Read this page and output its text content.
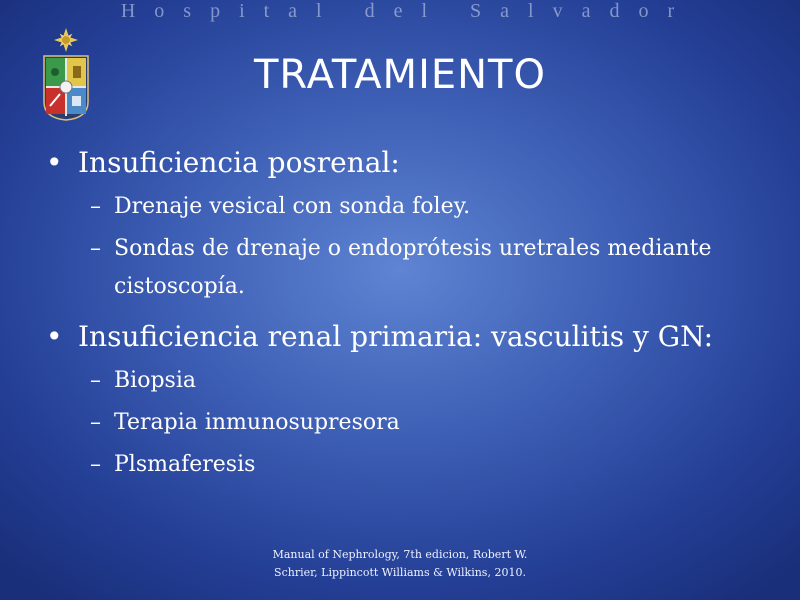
Hospital del Salvador
TRATAMIENTO
• Insuficiencia posrenal:
– Drenaje vesical con sonda foley.
– Sondas de drenaje o endoprótesis uretrales mediante cistoscopía.
• Insuficiencia renal primaria: vasculitis y GN:
– Biopsia
– Terapia inmunosupresora
– Plsmaferesis
Manual of Nephrology, 7th edicion, Robert W.
Schrier, Lippincott Williams & Wilkins, 2010.
